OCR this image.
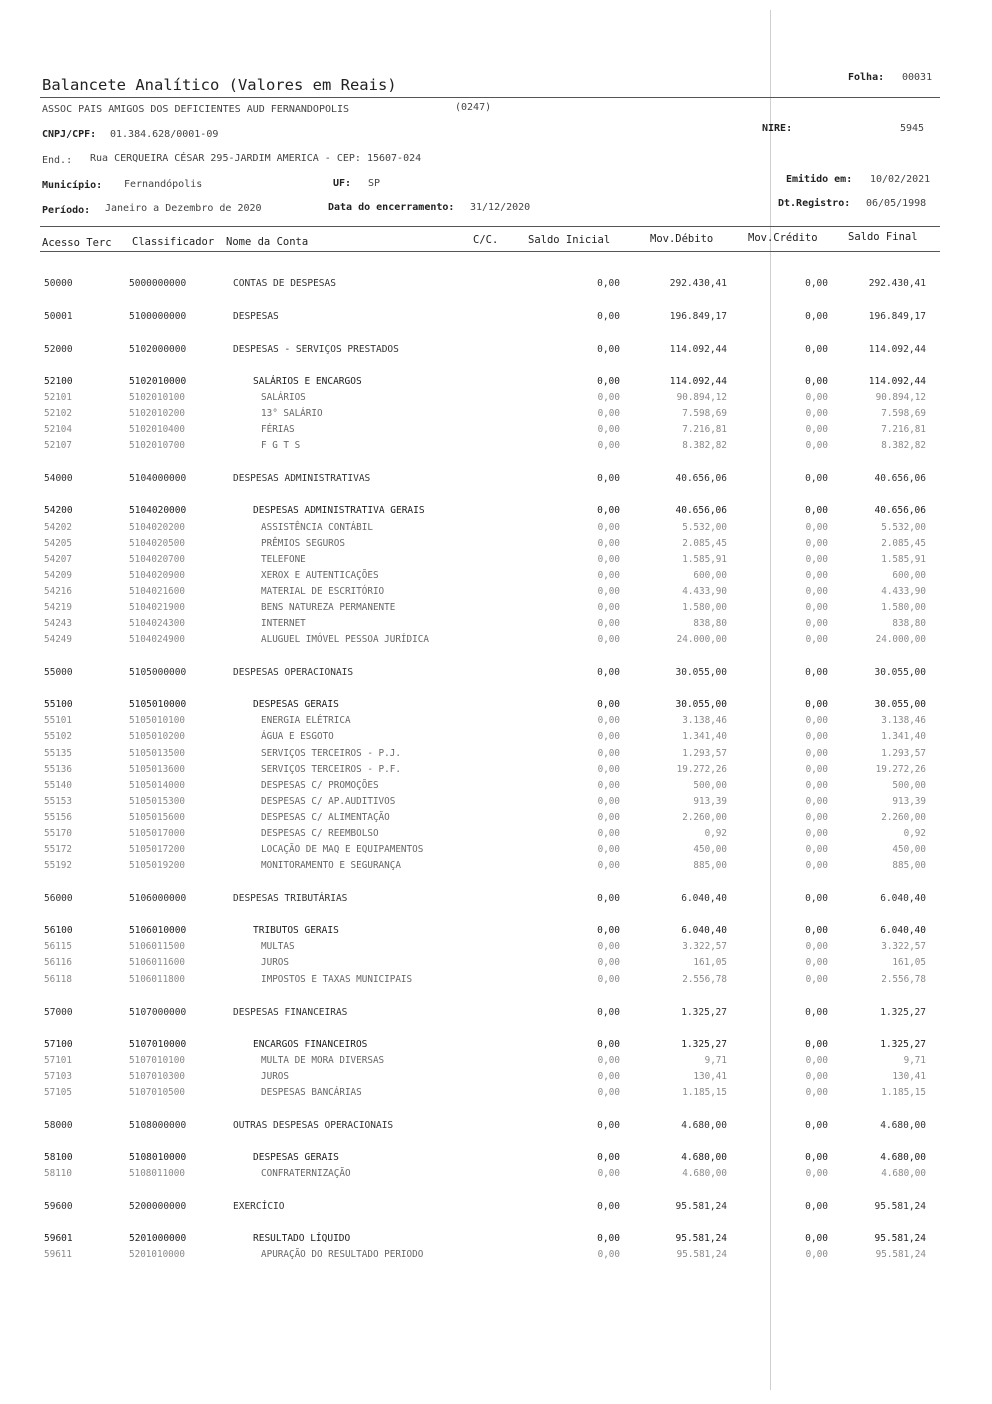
Balancete Analítico (Valores em Reais)	Folha: 00031
ASSOC PAIS AMIGOS DOS DEFICIENTES AUD FERNANDOPOLIS	(0247)
CNPJ/CPF: 01.384.628/0001-09
NIRE:	5945
End.: Rua CERQUEIRA CÉSAR 295-JARDIM AMERICA - CEP: 15607-024
Município: Fernandópolis	UF: SP	Emitido em: 10/02/2021
Período: Janeiro a Dezembro de 2020	Data do encerramento: 31/12/2020	Dt.Registro: 06/05/1998
Acesso Terc Classificador Nome da Conta	C/C.	Saldo Inicial	Mov.Débito	Mov.Crédito	Saldo Final
50000	5000000000	CONTAS DE DESPESAS	0,00	292.430,41	0,00	292.430,41
50001	5100000000	DESPESAS	0,00	196.849,17	0,00	196.849,17
52000	5102000000	DESPESAS - SERVIÇOS PRESTADOS	0,00	114.092,44	0,00	114.092,44
52100	5102010000	SALÁRIOS E ENCARGOS	0,00	114.092,44	0,00	114.092,44
52101	5102010100	SALÁRIOS	0,00	90.894,12	0,00	90.894,12
52102	5102010200	13° SALÁRIO	0,00	7.598,69	0,00	7.598,69
52104	5102010400	FÉRIAS	0,00	7.216,81	0,00	7.216,81
52107	5102010700	F G T S	0,00	8.382,82	0,00	8.382,82
54000	5104000000	DESPESAS ADMINISTRATIVAS	0,00	40.656,06	0,00	40.656,06
54200	5104020000	DESPESAS ADMINISTRATIVA GERAIS	0,00	40.656,06	0,00	40.656,06
54202	5104020200	ASSISTÊNCIA CONTÁBIL	0,00	5.532,00	0,00	5.532,00
54205	5104020500	PRÊMIOS SEGUROS	0,00	2.085,45	0,00	2.085,45
54207	5104020700	TELEFONE	0,00	1.585,91	0,00	1.585,91
54209	5104020900	XEROX E AUTENTICAÇÕES	0,00	600,00	0,00	600,00
54216	5104021600	MATERIAL DE ESCRITÓRIO	0,00	4.433,90	0,00	4.433,90
54219	5104021900	BENS NATUREZA PERMANENTE	0,00	1.580,00	0,00	1.580,00
54243	5104024300	INTERNET	0,00	838,80	0,00	838,80
54249	5104024900	ALUGUEL IMÓVEL PESSOA JURÍDICA	0,00	24.000,00	0,00	24.000,00
55000	5105000000	DESPESAS OPERACIONAIS	0,00	30.055,00	0,00	30.055,00
55100	5105010000	DESPESAS GERAIS	0,00	30.055,00	0,00	30.055,00
55101	5105010100	ENERGIA ELÉTRICA	0,00	3.138,46	0,00	3.138,46
55102	5105010200	ÁGUA E ESGOTO	0,00	1.341,40	0,00	1.341,40
55135	5105013500	SERVIÇOS TERCEIROS - P.J.	0,00	1.293,57	0,00	1.293,57
55136	5105013600	SERVIÇOS TERCEIROS - P.F.	0,00	19.272,26	0,00	19.272,26
55140	5105014000	DESPESAS C/ PROMOÇÕES	0,00	500,00	0,00	500,00
55153	5105015300	DESPESAS C/ AP.AUDITIVOS	0,00	913,39	0,00	913,39
55156	5105015600	DESPESAS C/ ALIMENTAÇÃO	0,00	2.260,00	0,00	2.260,00
55170	5105017000	DESPESAS C/ REEMBOLSO	0,00	0,92	0,00	0,92
55172	5105017200	LOCAÇÃO DE MAQ E EQUIPAMENTOS	0,00	450,00	0,00	450,00
55192	5105019200	MONITORAMENTO E SEGURANÇA	0,00	885,00	0,00	885,00
56000	5106000000	DESPESAS TRIBUTÁRIAS	0,00	6.040,40	0,00	6.040,40
56100	5106010000	TRIBUTOS GERAIS	0,00	6.040,40	0,00	6.040,40
56115	5106011500	MULTAS	0,00	3.322,57	0,00	3.322,57
56116	5106011600	JUROS	0,00	161,05	0,00	161,05
56118	5106011800	IMPOSTOS E TAXAS MUNICIPAIS	0,00	2.556,78	0,00	2.556,78
57000	5107000000	DESPESAS FINANCEIRAS	0,00	1.325,27	0,00	1.325,27
57100	5107010000	ENCARGOS FINANCEIROS	0,00	1.325,27	0,00	1.325,27
57101	5107010100	MULTA DE MORA DIVERSAS	0,00	9,71	0,00	9,71
57103	5107010300	JUROS	0,00	130,41	0,00	130,41
57105	5107010500	DESPESAS BANCÁRIAS	0,00	1.185,15	0,00	1.185,15
58000	5108000000	OUTRAS DESPESAS OPERACIONAIS	0,00	4.680,00	0,00	4.680,00
58100	5108010000	DESPESAS GERAIS	0,00	4.680,00	0,00	4.680,00
58110	5108011000	CONFRATERNIZAÇÃO	0,00	4.680,00	0,00	4.680,00
59600	5200000000	EXERCÍCIO	0,00	95.581,24	0,00	95.581,24
59601	5201000000	RESULTADO LÍQUIDO	0,00	95.581,24	0,00	95.581,24
59611	5201010000	APURAÇÃO DO RESULTADO PERIODO	0,00	95.581,24	0,00	95.581,24
